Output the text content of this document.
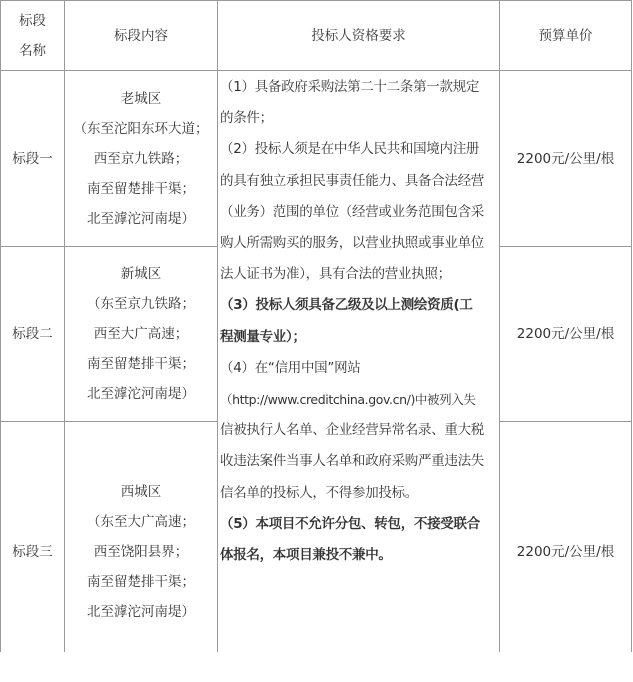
标段
名称
标段内容	投标人资格要求	预算单价
标段一
老城区
（东至沱阳东环大道；
西至京九铁路；
南至留楚排干渠；
北至滹沱河南堤）
2200元/公里/根
标段二
新城区
（东至京九铁路；
西至大广高速；
南至留楚排干渠；
北至滹沱河南堤）
2200元/公里/根
标段三
西城区
（东至大广高速；
西至饶阳县界；
南至留楚排干渠；
北至滹沱河南堤）
2200元/公里/根

（1）具备政府采购法第二十二条第一款规定

的条件；

（2）投标人须是在中华人民共和国境内注册

的具有独立承担民事责任能力、具备合法经营

（业务）范围的单位（经营或业务范围包含采

购人所需购买的服务，以营业执照或事业单位

法人证书为准），具有合法的营业执照；

（3）投标人须具备乙级及以上测绘资质(工

程测量专业）；

（4）在“信用中国”网站

（http://www.creditchina.gov.cn/)中被列入失

信被执行人名单、企业经营异常名录、重大税

收违法案件当事人名单和政府采购严重违法失

信名单的投标人，不得参加投标。

（5）本项目不允许分包、转包，不接受联合

体报名，本项目兼投不兼中。
